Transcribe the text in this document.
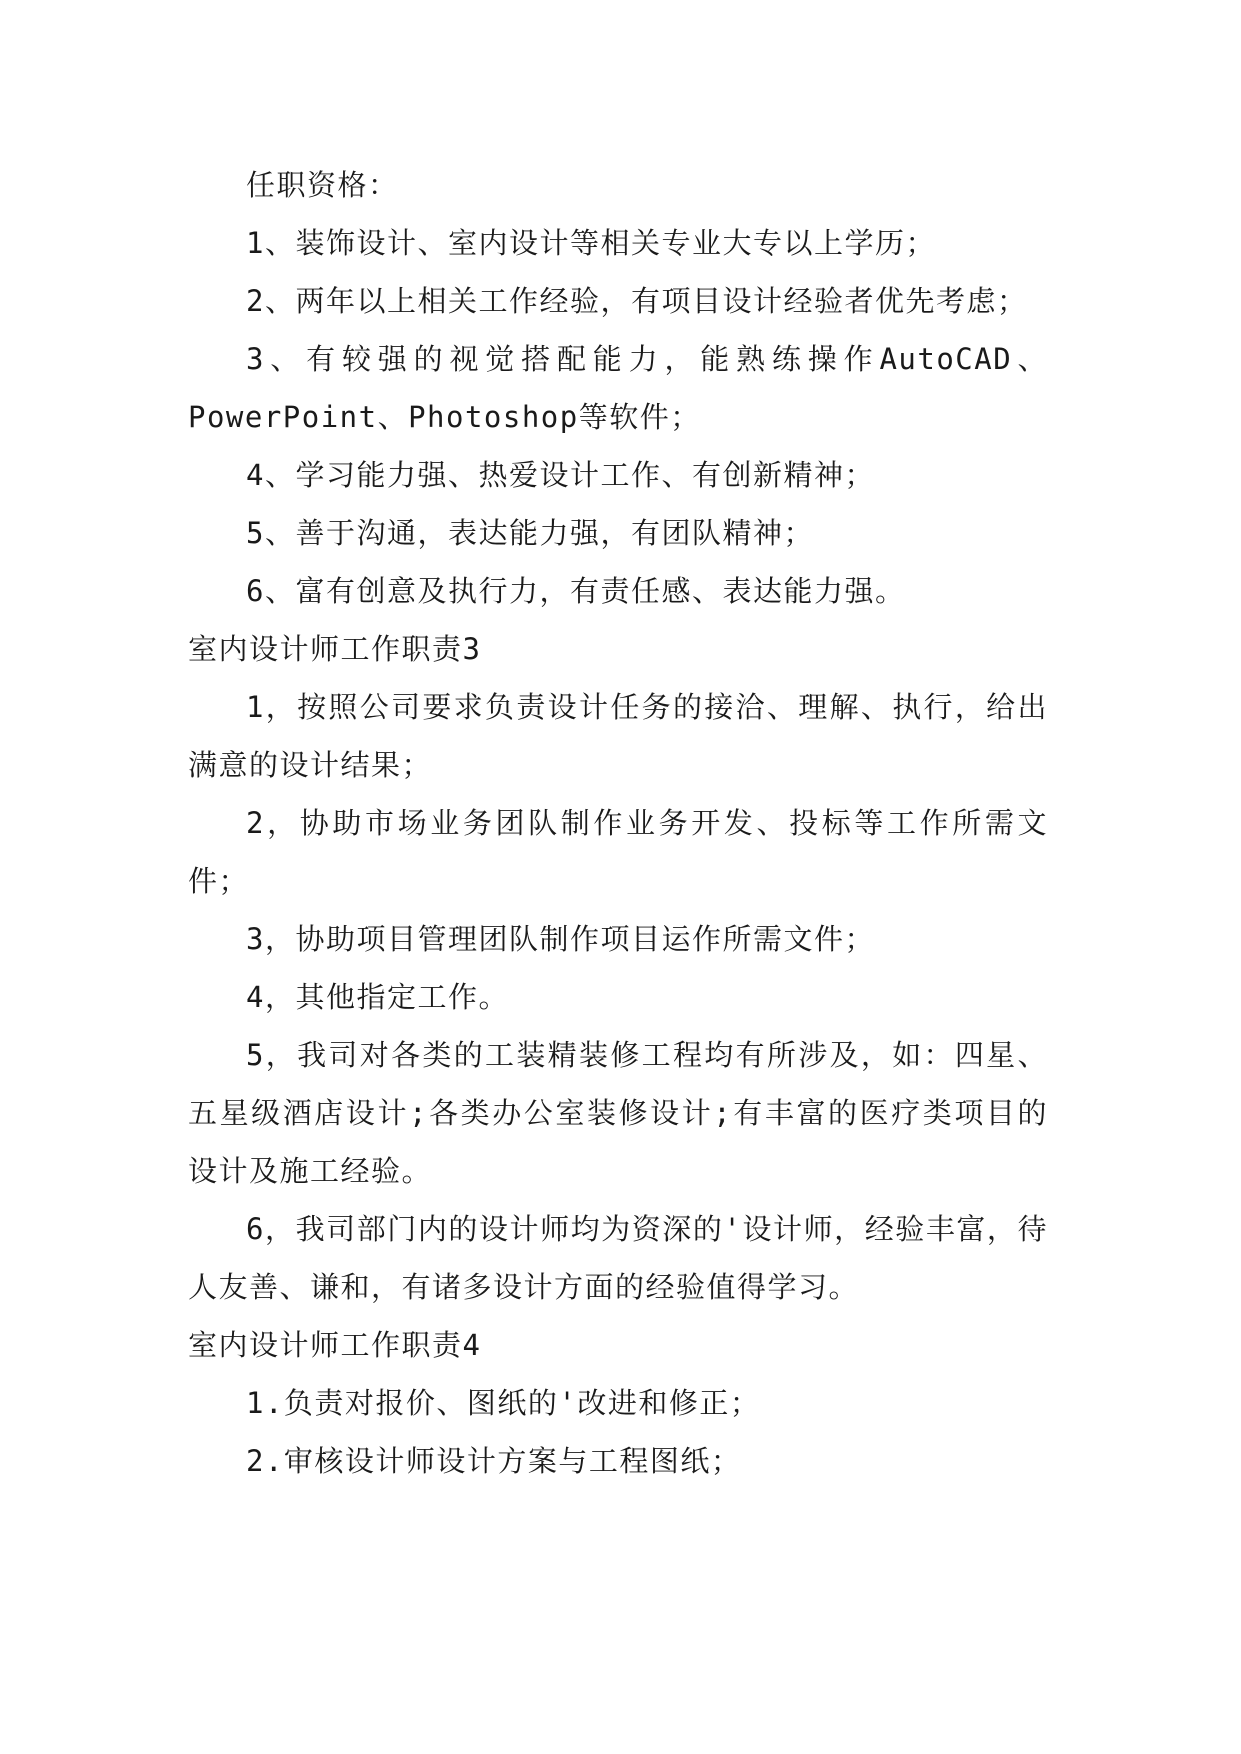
任职资格：

1、装饰设计、室内设计等相关专业大专以上学历；

2、两年以上相关工作经验，有项目设计经验者优先考虑；

3、有较强的视觉搭配能力，能熟练操作AutoCAD、PowerPoint、Photoshop等软件；

4、学习能力强、热爱设计工作、有创新精神；

5、善于沟通，表达能力强，有团队精神；

6、富有创意及执行力，有责任感、表达能力强。

室内设计师工作职责3

1，按照公司要求负责设计任务的接洽、理解、执行，给出满意的设计结果；

2，协助市场业务团队制作业务开发、投标等工作所需文件；

3，协助项目管理团队制作项目运作所需文件；

4，其他指定工作。

5，我司对各类的工装精装修工程均有所涉及，如：四星、五星级酒店设计;各类办公室装修设计;有丰富的医疗类项目的设计及施工经验。

6，我司部门内的设计师均为资深的'设计师，经验丰富，待人友善、谦和，有诸多设计方面的经验值得学习。

室内设计师工作职责4

1.负责对报价、图纸的'改进和修正；

2.审核设计师设计方案与工程图纸；
